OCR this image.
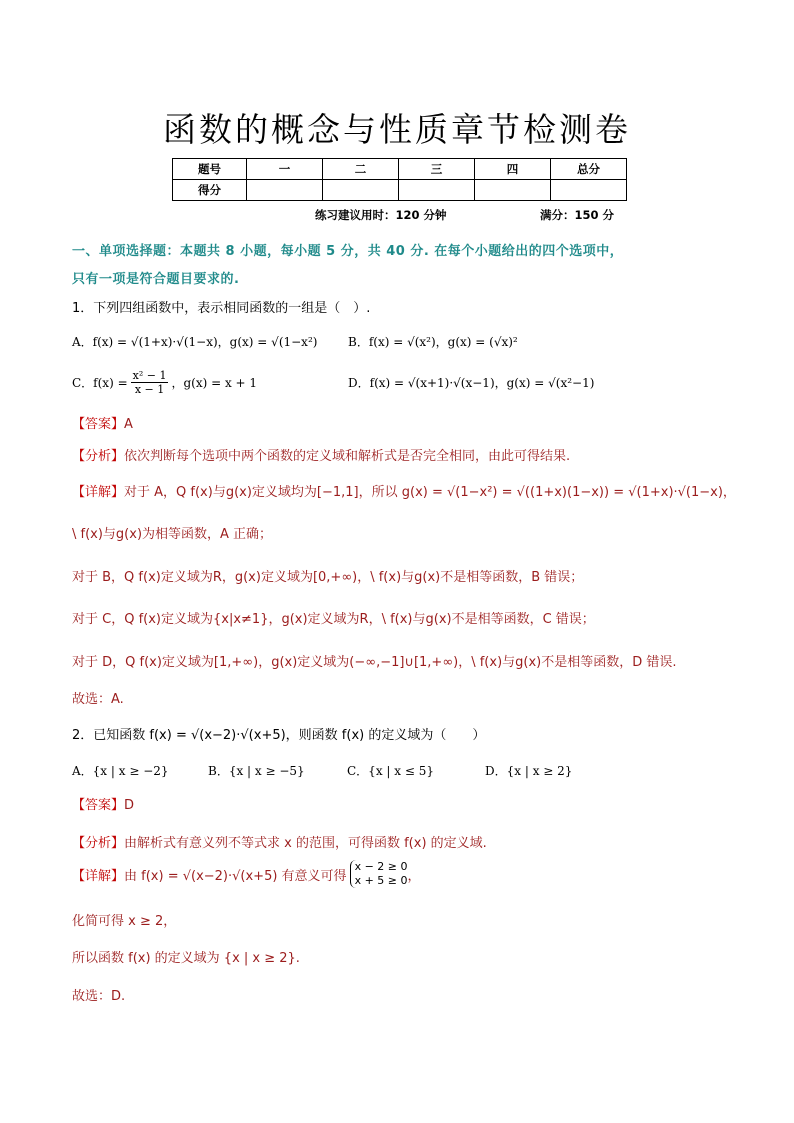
函数的概念与性质章节检测卷
题号	一	二	三	四	总分
得分					
练习建议用时：120 分钟	满分：150 分
一、单项选择题：本题共 8 小题，每小题 5 分，共 40 分. 在每个小题给出的四个选项中，
只有一项是符合题目要求的.
1．下列四组函数中，表示相同函数的一组是（　）.
A．f(x) = √(1+x)·√(1−x)，g(x) = √(1−x²)	B．f(x) = √(x²)，g(x) = (√x)²
C．$f(x) = \frac{\text{x² − 1}}{x - 1}$ ，g(x) = x + 1	D．f(x) = √(x+1)·√(x−1)，g(x) = √(x²−1)
【答案】A
【分析】依次判断每个选项中两个函数的定义域和解析式是否完全相同，由此可得结果.
【详解】对于 A，Q f(x)与g(x)定义域均为[−1,1]，所以 g(x) = √(1−x²) = √((1+x)(1−x)) = √(1+x)·√(1−x)，
\ f(x)与g(x)为相等函数，A 正确；
对于 B，Q f(x)定义域为R，g(x)定义域为[0,+∞)，\ f(x)与g(x)不是相等函数，B 错误；
对于 C，Q f(x)定义域为{x|x≠1}，g(x)定义域为R，\ f(x)与g(x)不是相等函数，C 错误；
对于 D，Q f(x)定义域为[1,+∞)，g(x)定义域为(−∞,−1]∪[1,+∞)，\ f(x)与g(x)不是相等函数，D 错误.
故选：A.
2．已知函数 f(x) = √(x−2)·√(x+5)，则函数 f(x) 的定义域为（　　）
A．{x | x ≥ −2}	B．{x | x ≥ −5}	C．{x | x ≤ 5}	D．{x | x ≥ 2}
【答案】D
【分析】由解析式有意义列不等式求 x 的范围，可得函数 f(x) 的定义域.
【详解】 由 f(x) = √(x−2)·√(x+5) 有意义可得
x − 2 ≥ 0
x + 5 ≥ 0 ，
化简可得 x ≥ 2，
所以函数 f(x) 的定义域为 {x | x ≥ 2}.
故选：D.
